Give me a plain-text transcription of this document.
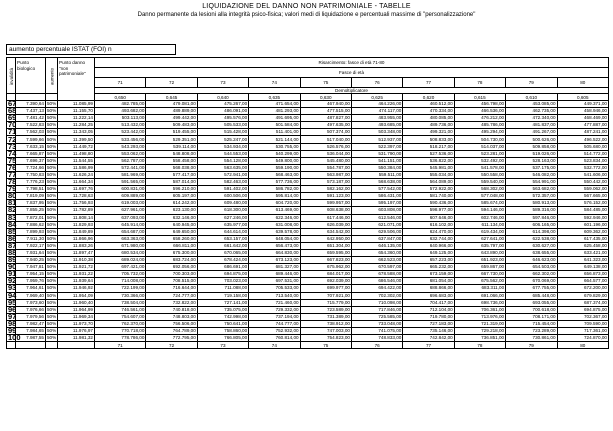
LIQUIDAZIONE DEL DANNO NON PATRIMONIALE - TABELLE
Danno permanente da lesioni alla integrità psico-fisica; valori medi di liquidazione e percentuali massime di "personalizzazione"
aumento percentuale ISTAT (FOI) n
invalidità	Punto biologico	aumento	Punto danno "non patrimoniale"	Risarcimento: fasce di età 71-80									
				Fasce di età									
				71	72	73	74	75	76	77	78	79	80
				Demoltiplicatore									
				0,650	0,645	0,640	0,635	0,630	0,625	0,620	0,615	0,610	0,605
67	7.390,64	50%	11.085,99	482.785,00	479.081,00	475.267,00	471.654,00	467.940,00	464.226,00	460.512,00	456.798,00	453.085,00	449.371,00
68	7.437,13	50%	11.155,70	493.682,00	489.889,00	486.091,00	481.293,00	477.515,00	474.117,00	470.334,00	466.536,00	462.735,00	458.946,00
69	7.481,42	50%	11.222,14	503.113,00	499.442,00	495.576,00	491.695,00	487.827,00	483.955,00	480.085,00	476.212,00	472.340,00	468.469,00
70	7.522,83	50%	11.284,25	513.432,00	509.483,00	505.533,00	501.584,00	497.635,00	493.685,00	489.736,00	485.786,00	481.837,00	477.887,00
71	7.562,03	50%	11.343,05	523.442,00	519.455,00	515.428,00	511.401,00	507.374,00	503.348,00	499.321,00	495.294,00	491.267,00	487.241,00
72	7.599,66	50%	11.399,50	533.456,00	529.351,00	525.247,00	521.144,00	517.040,00	512.937,00	508.833,00	504.730,00	500.626,00	496.522,00
73	7.633,15	50%	11.449,72	543.293,00	539.114,00	534.934,00	530.755,00	526.576,00	522.397,00	518.217,00	514.037,00	509.858,00	505.680,00
74	7.665,87	50%	11.498,80	553.062,00	548.808,00	544.553,00	540.299,00	536.044,00	531.790,00	527.536,00	523.281,00	519.026,00	514.772,00
75	7.696,37	50%	11.544,55	562.787,00	558.458,00	554.128,00	549.800,00	545.480,00	541.151,00	536.822,00	532.492,00	528.163,00	523.834,00
76	7.724,66	50%	11.586,99	572.441,00	568.038,00	563.635,00	559.190,00	554.787,00	550.384,00	545.981,00	541.578,00	537.175,00	532.772,00
77	7.750,83	50%	11.626,24	581.969,00	577.417,00	572.941,00	568.463,00	563.987,00	559.511,00	555.034,00	550.558,00	546.082,00	541.606,00
78	7.776,23	50%	11.664,34	591.565,00	587.014,00	582.463,00	577.736,00	573.187,00	568.638,00	564.089,00	559.540,00	554.991,00	550.442,00
79	7.798,51	50%	11.697,76	600.831,00	596.210,00	591.402,00	586.782,00	582.162,00	577.542,00	572.922,00	568.302,00	563.682,00	559.062,00
80	7.819,09	50%	11.728,63	609.889,00	605.197,00	600.506,00	595.814,00	591.123,00	586.431,00	581.740,00	577.048,00	572.357,00	567.665,00
81	7.837,95	50%	11.756,93	619.003,00	614.242,00	609.480,00	604.720,00	599.957,00	595.197,00	590.436,00	585.674,00	580.913,00	576.152,00
82	7.855,25	50%	11.782,89	627.961,00	623.130,00	618.300,00	613.469,00	608.638,00	603.808,00	598.977,00	594.146,00	589.316,00	584.485,00
83	7.872,01	50%	11.808,14	637.093,00	632.146,00	627.246,00	622.346,00	617.446,00	612.546,00	607.646,00	602.746,00	597.846,00	592.946,00
84	7.886,62	50%	11.829,93	645.914,00	640.945,00	635.977,00	631.008,00	626.039,00	621.071,00	616.102,00	611.134,00	606.165,00	601.196,00
85	7.899,93	50%	11.849,89	654.687,00	649.650,00	644.614,00	639.578,00	634.542,00	629.506,00	624.470,00	619.434,00	614.398,00	609.362,00
86	7.911,30	50%	11.866,96	663.363,00	658.260,00	653.157,00	648.054,00	642.950,00	637.847,00	632.744,00	627.641,00	622.538,00	617.435,00
87	7.922,17	50%	11.883,26	671.980,00	666.811,00	661.642,00	656.473,00	651.304,00	646.135,00	640.966,00	635.797,00	630.627,00	625.458,00
88	7.931,64	50%	11.897,47	680.534,00	675.300,00	670.065,00	664.830,00	659.595,00	654.360,00	649.125,00	643.890,00	638.655,00	633.421,00
89	7.940,25	50%	11.910,38	689.024,00	683.724,00	678.424,00	673.123,00	667.823,00	662.523,00	657.223,00	651.923,00	646.623,00	641.323,00
90	7.947,81	50%	11.921,72	697.421,00	692.056,00	686.691,00	681.327,00	675.962,00	670.597,00	665.232,00	659.867,00	654.503,00	649.138,00
91	7.954,15	50%	11.931,22	705.732,00	700.303,00	694.875,00	689.446,00	684.017,00	678.588,00	673.159,00	667.730,00	662.302,00	656.873,00
92	7.959,76	50%	11.939,64	714.008,00	708.515,00	703.023,00	697.531,00	692.039,00	686.546,00	681.054,00	675.562,00	670.069,00	664.577,00
93	7.964,61	50%	11.946,92	722.199,00	716.644,00	711.088,00	705.533,00	699.977,00	694.422,00	688.866,00	683.311,00	677.755,00	672.200,00
94	7.969,40	50%	11.954,09	730.366,00	724.777,00	719.158,00	713.540,00	707.921,00	702.302,00	696.683,00	691.066,00	685.448,00	679.829,00
95	7.973,60	50%	11.960,40	738.504,00	732.822,00	727.141,00	721.460,00	715.779,00	710.098,00	704.417,00	698.736,00	693.055,00	687.374,00
96	7.976,66	50%	11.964,99	746.561,00	740.818,00	735.075,00	729.332,00	723.589,00	717.846,00	712.104,00	706.361,00	700.618,00	694.875,00
97	7.979,56	50%	11.969,34	754.607,00	748.803,00	742.998,00	737.194,00	731.389,00	725.585,00	719.780,00	713.976,00	708.171,00	702.367,00
98	7.982,47	50%	11.973,70	762.370,00	756.506,00	750.641,00	744.777,00	738.912,00	733.048,00	727.183,00	721.319,00	715.454,00	709.590,00
99	7.984,65	50%	11.976,97	770.718,00	764.789,00	758.860,00	752.932,00	747.003,00	741.075,00	735.146,00	729.218,00	723.289,00	717.361,00
100	7.987,55	50%	11.981,32	778.786,00	772.795,00	766.805,00	760.814,00	754.823,00	748.833,00	742.842,00	736.851,00	730.861,00	724.870,00
				71	72	73	74	75	76	77	78	79	80
